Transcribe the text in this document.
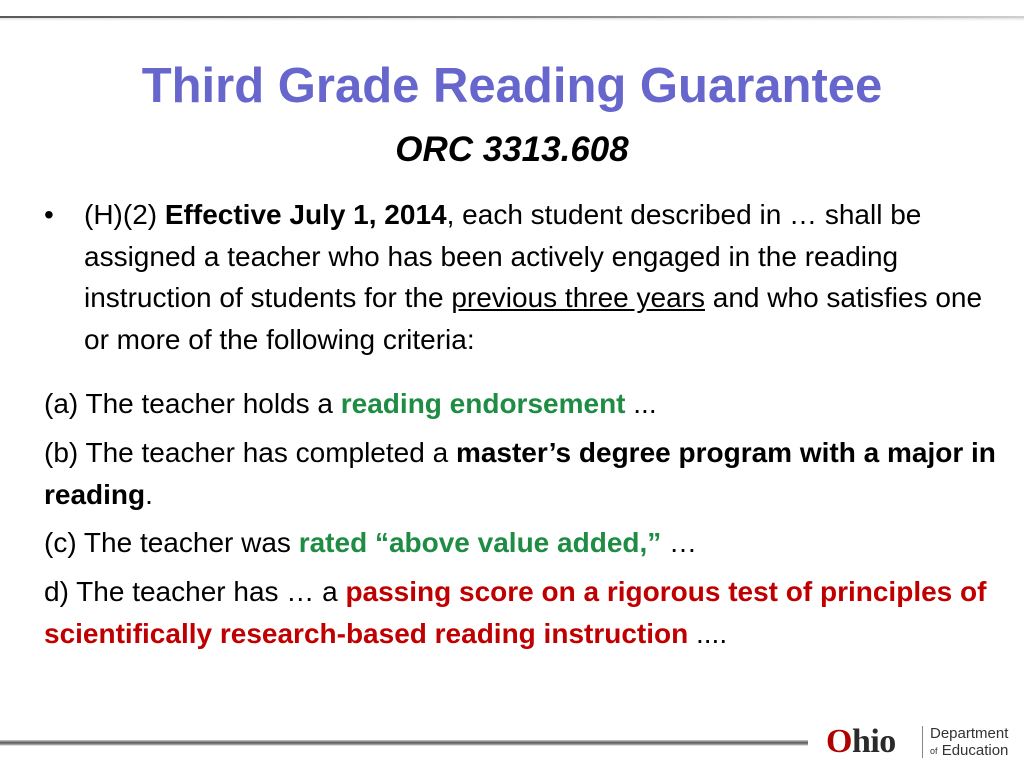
Third Grade Reading Guarantee
ORC 3313.608
•	(H)(2) Effective July 1, 2014, each student described in … shall be assigned a teacher who has been actively engaged in the reading instruction of students for the previous three years and who satisfies one or more of the following criteria:
(a) The teacher holds a reading endorsement ...
(b) The teacher has completed a master’s degree program with a major in reading.
(c) The teacher was rated “above value added,” …
d) The teacher has … a passing score on a rigorous test of principles of scientifically research-based reading instruction ....
Ohio Department
of Education
